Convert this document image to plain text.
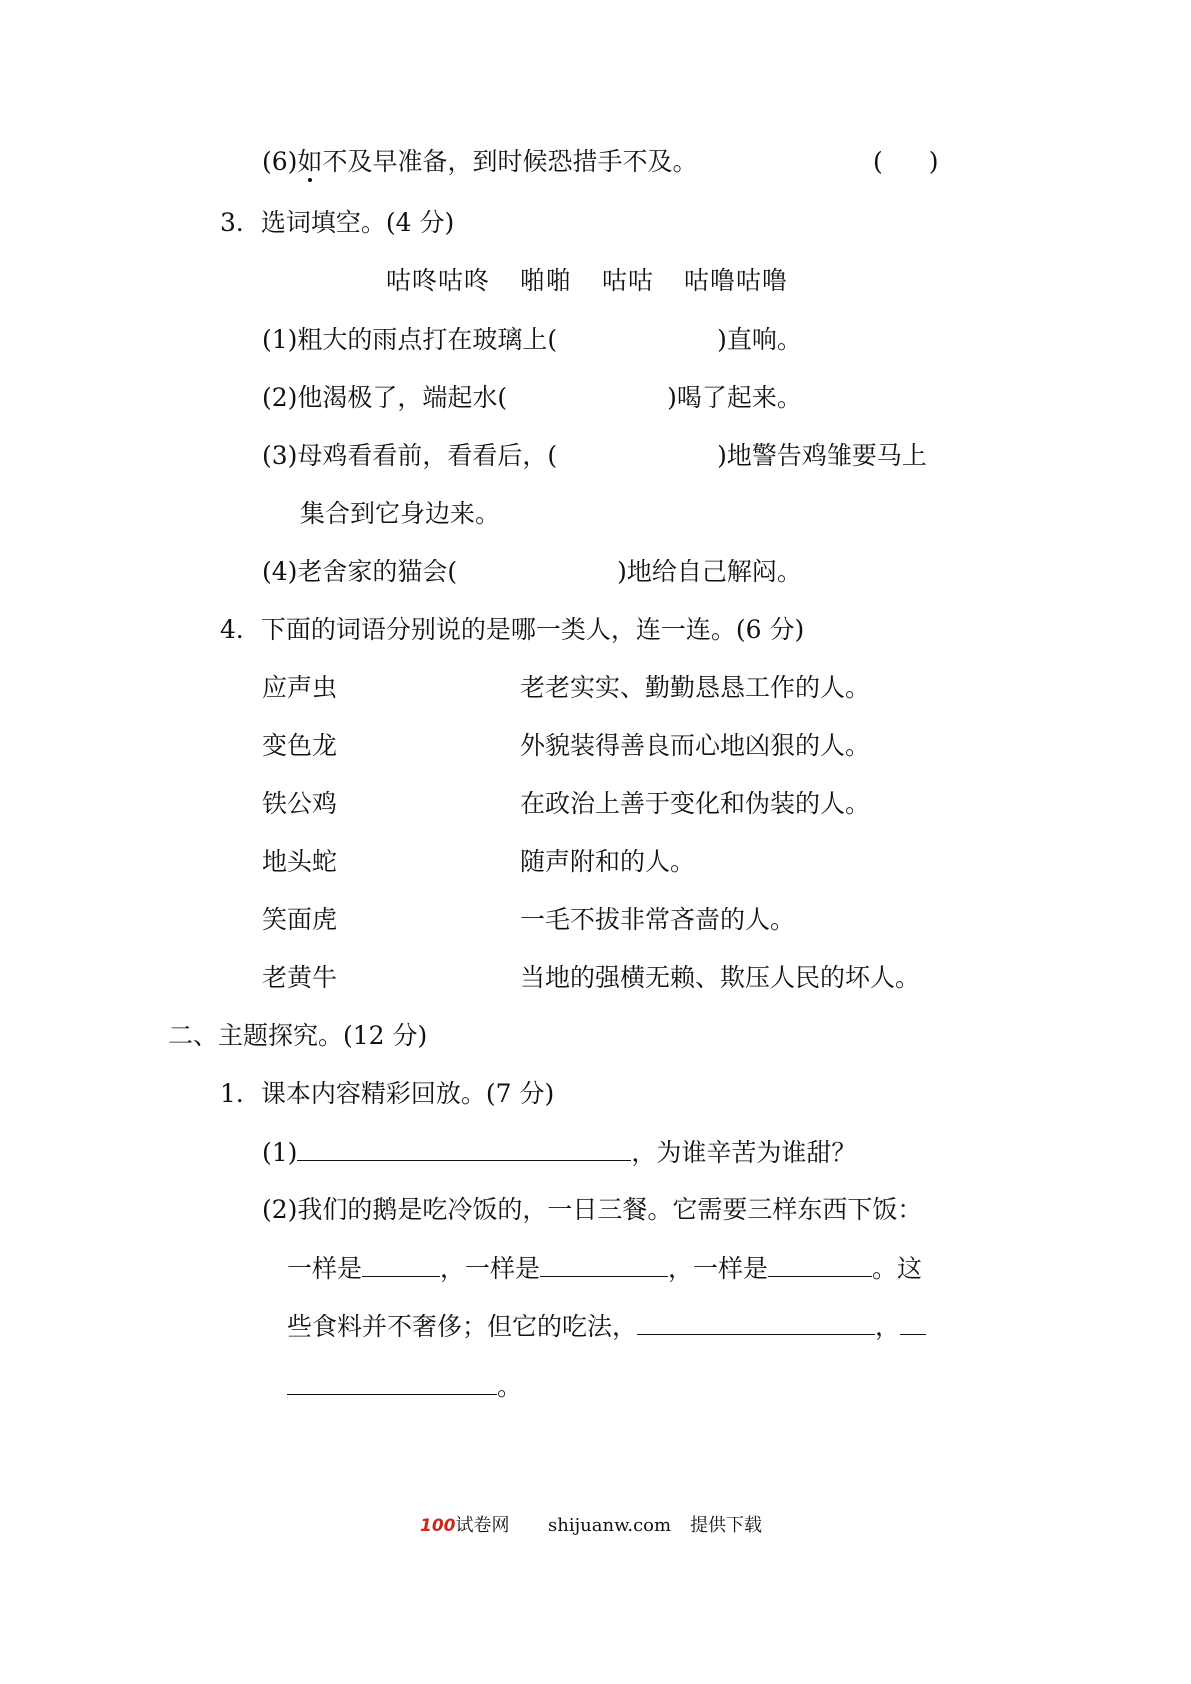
(6)如不及早准备，到时候恐措手不及。	( )
3．选词填空。(4 分)
咕咚咕咚 啪啪 咕咕 咕噜咕噜
(1)粗大的雨点打在玻璃上(	)直响。
(2)他渴极了，端起水(	)喝了起来。
(3)母鸡看看前，看看后，(	)地警告鸡雏要马上
集合到它身边来。
(4)老舍家的猫会(	)地给自己解闷。
4．下面的词语分别说的是哪一类人，连一连。(6 分)
应声虫	老老实实、勤勤恳恳工作的人。
变色龙	外貌装得善良而心地凶狠的人。
铁公鸡	在政治上善于变化和伪装的人。
地头蛇	随声附和的人。
笑面虎	一毛不拔非常吝啬的人。
老黄牛	当地的强横无赖、欺压人民的坏人。
二、主题探究。(12 分)
1．课本内容精彩回放。(7 分)
(1)	，为谁辛苦为谁甜？
(2)我们的鹅是吃冷饭的，一日三餐。它需要三样东西下饭：
一样是	，一样是	，一样是	。这
些食料并不奢侈；但它的吃法，	，
。
100试卷网 shijuanw.com 提供下载
